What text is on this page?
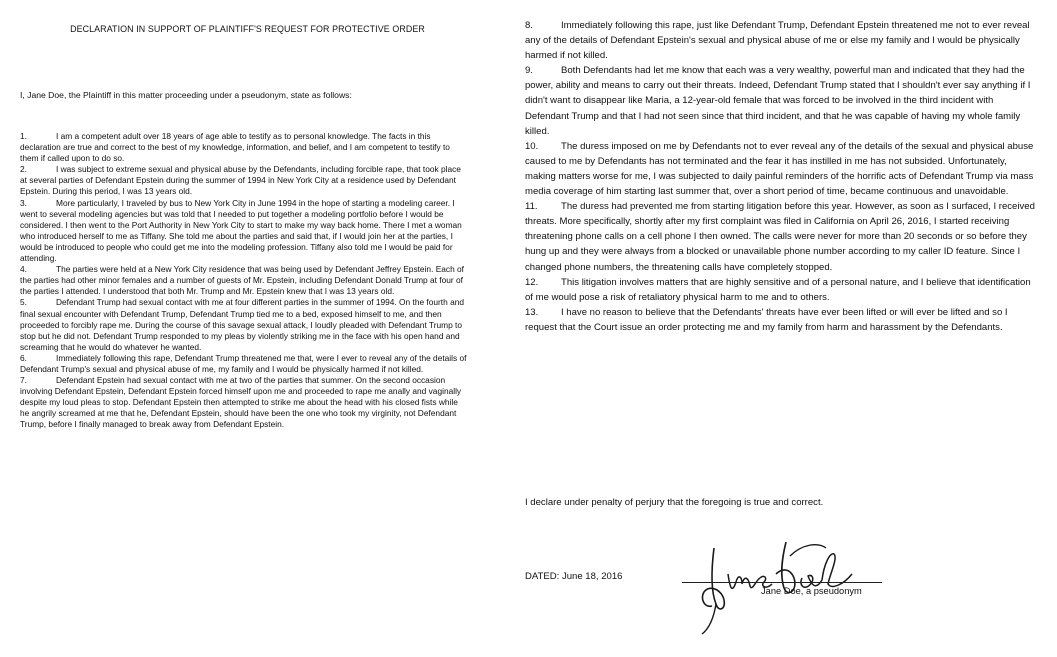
DECLARATION IN SUPPORT OF PLAINTIFF'S REQUEST FOR PROTECTIVE ORDER
I, Jane Doe, the Plaintiff in this matter proceeding under a pseudonym, state as follows:

1.	I am a competent adult over 18 years of age able to testify as to personal knowledge. The facts in this declaration are true and correct to the best of my knowledge, information, and belief, and I am competent to testify to them if called upon to do so.

2.	I was subject to extreme sexual and physical abuse by the Defendants, including forcible rape, that took place at several parties of Defendant Epstein during the summer of 1994 in New York City at a residence used by Defendant Epstein. During this period, I was 13 years old.

3.	More particularly, I traveled by bus to New York City in June 1994 in the hope of starting a modeling career. I went to several modeling agencies but was told that I needed to put together a modeling portfolio before I would be considered. I then went to the Port Authority in New York City to start to make my way back home. There I met a woman who introduced herself to me as Tiffany. She told me about the parties and said that, if I would join her at the parties, I would be introduced to people who could get me into the modeling profession. Tiffany also told me I would be paid for attending.

4.	The parties were held at a New York City residence that was being used by Defendant Jeffrey Epstein. Each of the parties had other minor females and a number of guests of Mr. Epstein, including Defendant Donald Trump at four of the parties I attended. I understood that both Mr. Trump and Mr. Epstein knew that I was 13 years old.

5.	Defendant Trump had sexual contact with me at four different parties in the summer of 1994. On the fourth and final sexual encounter with Defendant Trump, Defendant Trump tied me to a bed, exposed himself to me, and then proceeded to forcibly rape me. During the course of this savage sexual attack, I loudly pleaded with Defendant Trump to stop but he did not. Defendant Trump responded to my pleas by violently striking me in the face with his open hand and screaming that he would do whatever he wanted.

6.	Immediately following this rape, Defendant Trump threatened me that, were I ever to reveal any of the details of Defendant Trump's sexual and physical abuse of me, my family and I would be physically harmed if not killed.

7.	Defendant Epstein had sexual contact with me at two of the parties that summer. On the second occasion involving Defendant Epstein, Defendant Epstein forced himself upon me and proceeded to rape me anally and vaginally despite my loud pleas to stop. Defendant Epstein then attempted to strike me about the head with his closed fists while he angrily screamed at me that he, Defendant Epstein, should have been the one who took my virginity, not Defendant Trump, before I finally managed to break away from Defendant Epstein.

8.	Immediately following this rape, just like Defendant Trump, Defendant Epstein threatened me not to ever reveal any of the details of Defendant Epstein's sexual and physical abuse of me or else my family and I would be physically harmed if not killed.

9.	Both Defendants had let me know that each was a very wealthy, powerful man and indicated that they had the power, ability and means to carry out their threats. Indeed, Defendant Trump stated that I shouldn't ever say anything if I didn't want to disappear like Maria, a 12-year-old female that was forced to be involved in the third incident with Defendant Trump and that I had not seen since that third incident, and that he was capable of having my whole family killed.

10. The duress imposed on me by Defendants not to ever reveal any of the details of the sexual and physical abuse caused to me by Defendants has not terminated and the fear it has instilled in me has not subsided. Unfortunately, making matters worse for me, I was subjected to daily painful reminders of the horrific acts of Defendant Trump via mass media coverage of him starting last summer that, over a short period of time, became continuous and unavoidable.

11. The duress had prevented me from starting litigation before this year. However, as soon as I surfaced, I received threats. More specifically, shortly after my first complaint was filed in California on April 26, 2016, I started receiving threatening phone calls on a cell phone I then owned. The calls were never for more than 20 seconds or so before they hung up and they were always from a blocked or unavailable phone number according to my caller ID feature. Since I changed phone numbers, the threatening calls have completely stopped.

12. This litigation involves matters that are highly sensitive and of a personal nature, and I believe that identification of me would pose a risk of retaliatory physical harm to me and to others.

13. I have no reason to believe that the Defendants' threats have ever been lifted or will ever be lifted and so I request that the Court issue an order protecting me and my family from harm and harassment by the Defendants.

I declare under penalty of perjury that the foregoing is true and correct.
DATED: June 18, 2016
Jane Doe, a pseudonym
